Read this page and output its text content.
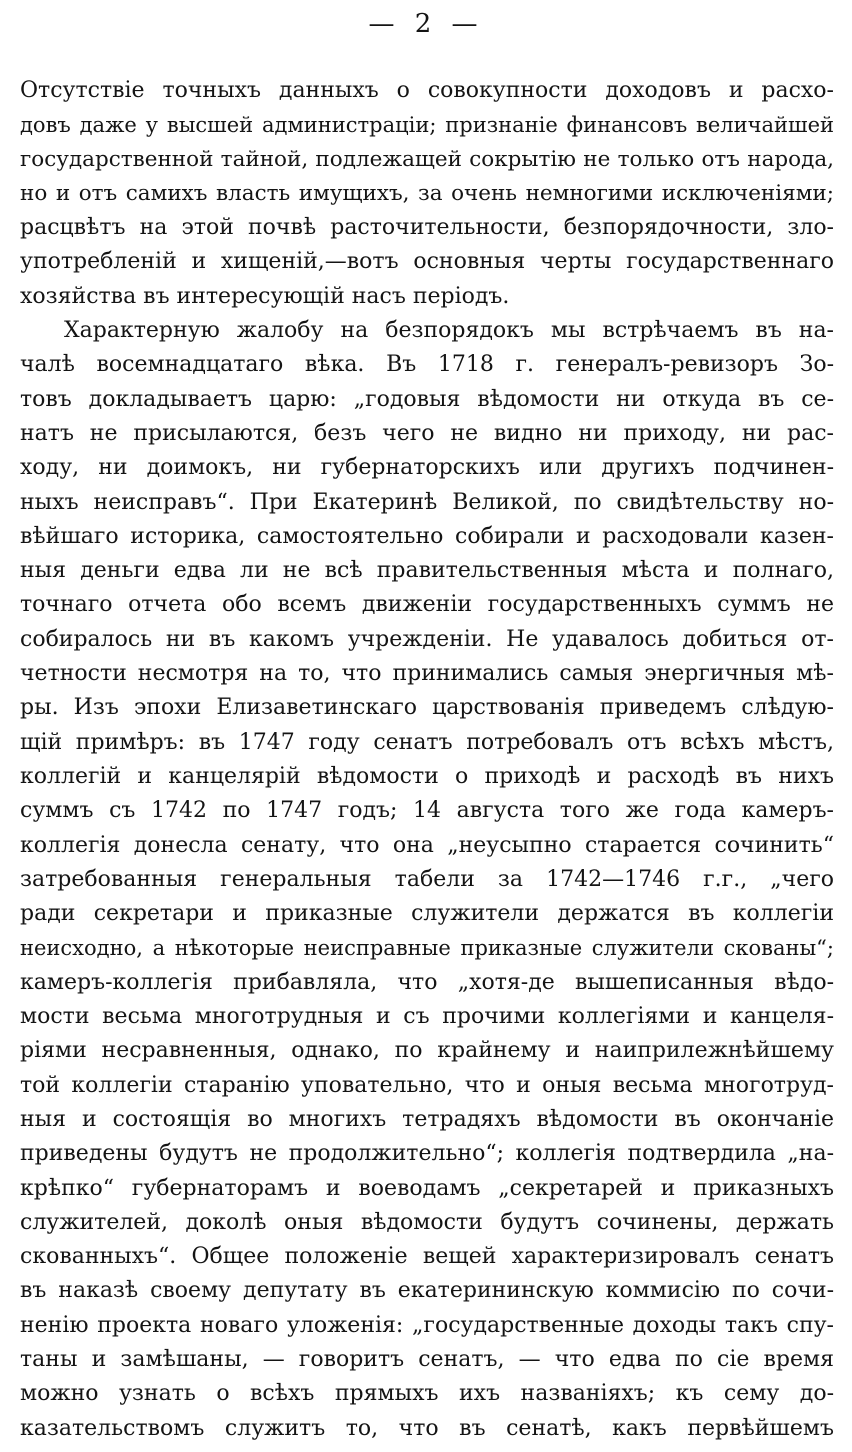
— 2 —
Отсутствіе точныхъ данныхъ о совокупности доходовъ и расхо-
довъ даже у высшей администраціи; признаніе финансовъ величайшей
государственной тайной, подлежащей сокрытію не только отъ народа,
но и отъ самихъ власть имущихъ, за очень немногими исключеніями;
расцвѣтъ на этой почвѣ расточительности, безпорядочности, зло-
употребленій и хищеній,—вотъ основныя черты государственнаго
хозяйства въ интересующій насъ періодъ.
Характерную жалобу на безпорядокъ мы встрѣчаемъ въ на-
чалѣ восемнадцатаго вѣка. Въ 1718 г. генералъ-ревизоръ Зо-
товъ докладываетъ царю: „годовыя вѣдомости ни откуда въ се-
натъ не присылаются, безъ чего не видно ни приходу, ни рас-
ходу, ни доимокъ, ни губернаторскихъ или другихъ подчинен-
ныхъ неисправъ“. При Екатеринѣ Великой, по свидѣтельству но-
вѣйшаго историка, самостоятельно собирали и расходовали казен-
ныя деньги едва ли не всѣ правительственныя мѣста и полнаго,
точнаго отчета обо всемъ движеніи государственныхъ суммъ не
собиралось ни въ какомъ учрежденіи. Не удавалось добиться от-
четности несмотря на то, что принимались самыя энергичныя мѣ-
ры. Изъ эпохи Елизаветинскаго царствованія приведемъ слѣдую-
щій примѣръ: въ 1747 году сенатъ потребовалъ отъ всѣхъ мѣстъ,
коллегій и канцелярій вѣдомости о приходѣ и расходѣ въ нихъ
суммъ съ 1742 по 1747 годъ; 14 августа того же года камеръ-
коллегія донесла сенату, что она „неусыпно старается сочинить“
затребованныя генеральныя табели за 1742—1746 г.г., „чего
ради секретари и приказные служители держатся въ коллегіи
неисходно, а нѣкоторые неисправные приказные служители скованы“;
камеръ-коллегія прибавляла, что „хотя-де вышеписанныя вѣдо-
мости весьма многотрудныя и съ прочими коллегіями и канцеля-
ріями несравненныя, однако, по крайнему и наиприлежнѣйшему
той коллегіи старанію уповательно, что и оныя весьма многотруд-
ныя и состоящія во многихъ тетрадяхъ вѣдомости въ окончаніе
приведены будутъ не продолжительно“; коллегія подтвердила „на-
крѣпко“ губернаторамъ и воеводамъ „секретарей и приказныхъ
служителей, доколѣ оныя вѣдомости будутъ сочинены, держать
скованныхъ“. Общее положеніе вещей характеризировалъ сенатъ
въ наказѣ своему депутату въ екатерининскую коммисію по сочи-
ненію проекта новаго уложенія: „государственные доходы такъ спу-
таны и замѣшаны, — говоритъ сенатъ, — что едва по сіе время
можно узнать о всѣхъ прямыхъ ихъ названіяхъ; къ сему до-
казательствомъ служитъ то, что въ сенатѣ, какъ первѣйшемъ
